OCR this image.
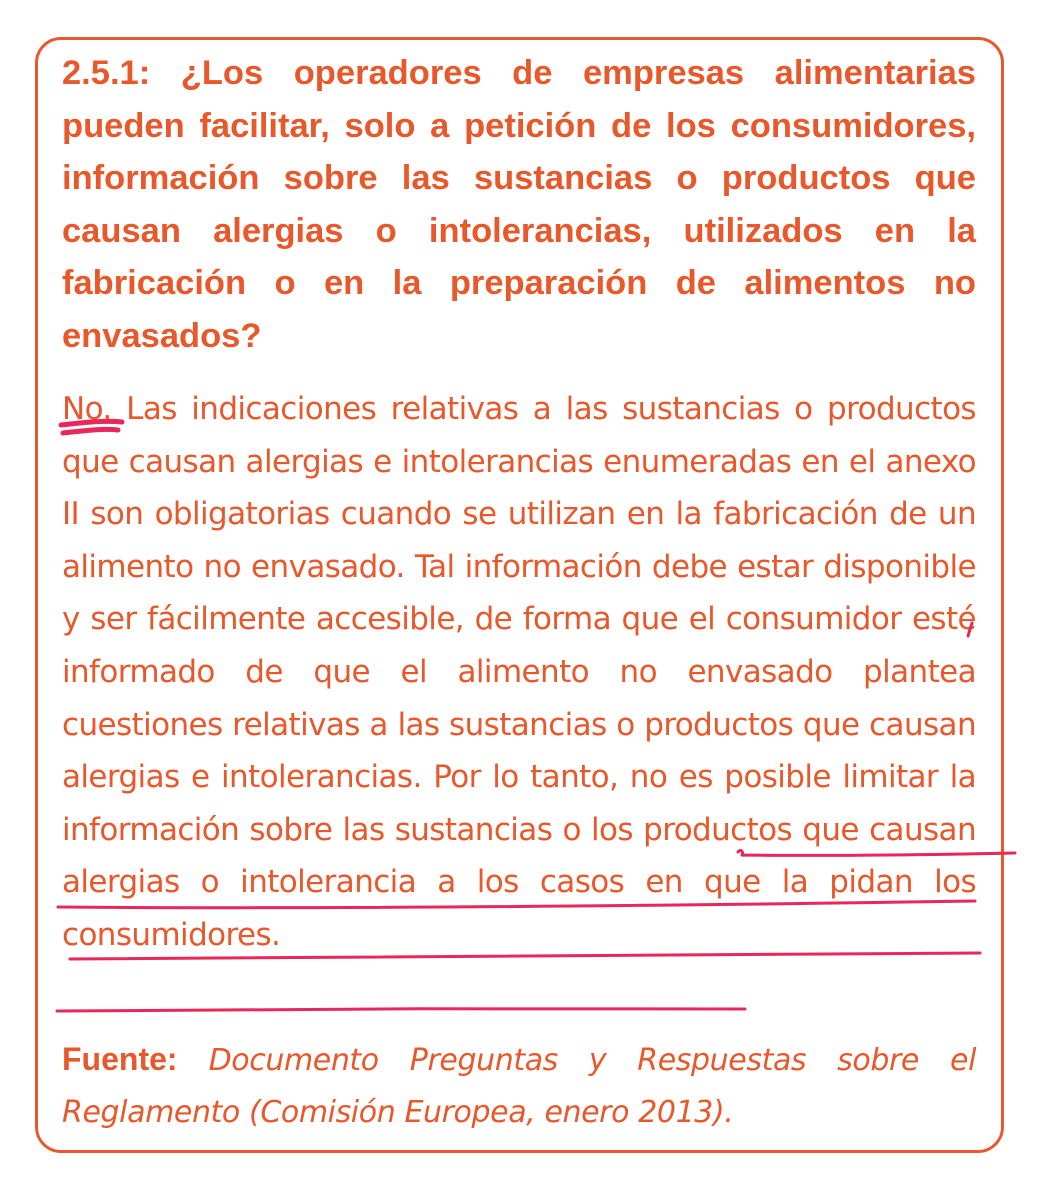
2.5.1: ¿Los operadores de empresas alimentarias pueden facilitar, solo a petición de los consumidores, información sobre las sustancias o productos que causan alergias o intolerancias, utilizados en la fabricación o en la preparación de alimentos no envasados?

No. Las indicaciones relativas a las sustancias o productos que causan alergias e intolerancias enumeradas en el anexo II son obligatorias cuando se utilizan en la fabricación de un alimento no envasado. Tal información debe estar disponible y ser fácilmente accesible, de forma que el consumidor esté informado de que el alimento no envasado plantea cuestiones relativas a las sustancias o productos que causan alergias e intolerancias. Por lo tanto, no es posible limitar la información sobre las sustancias o los productos que causan alergias o intolerancia a los casos en que la pidan los consumidores.

Fuente: Documento Preguntas y Respuestas sobre el Reglamento (Comisión Europea, enero 2013).
